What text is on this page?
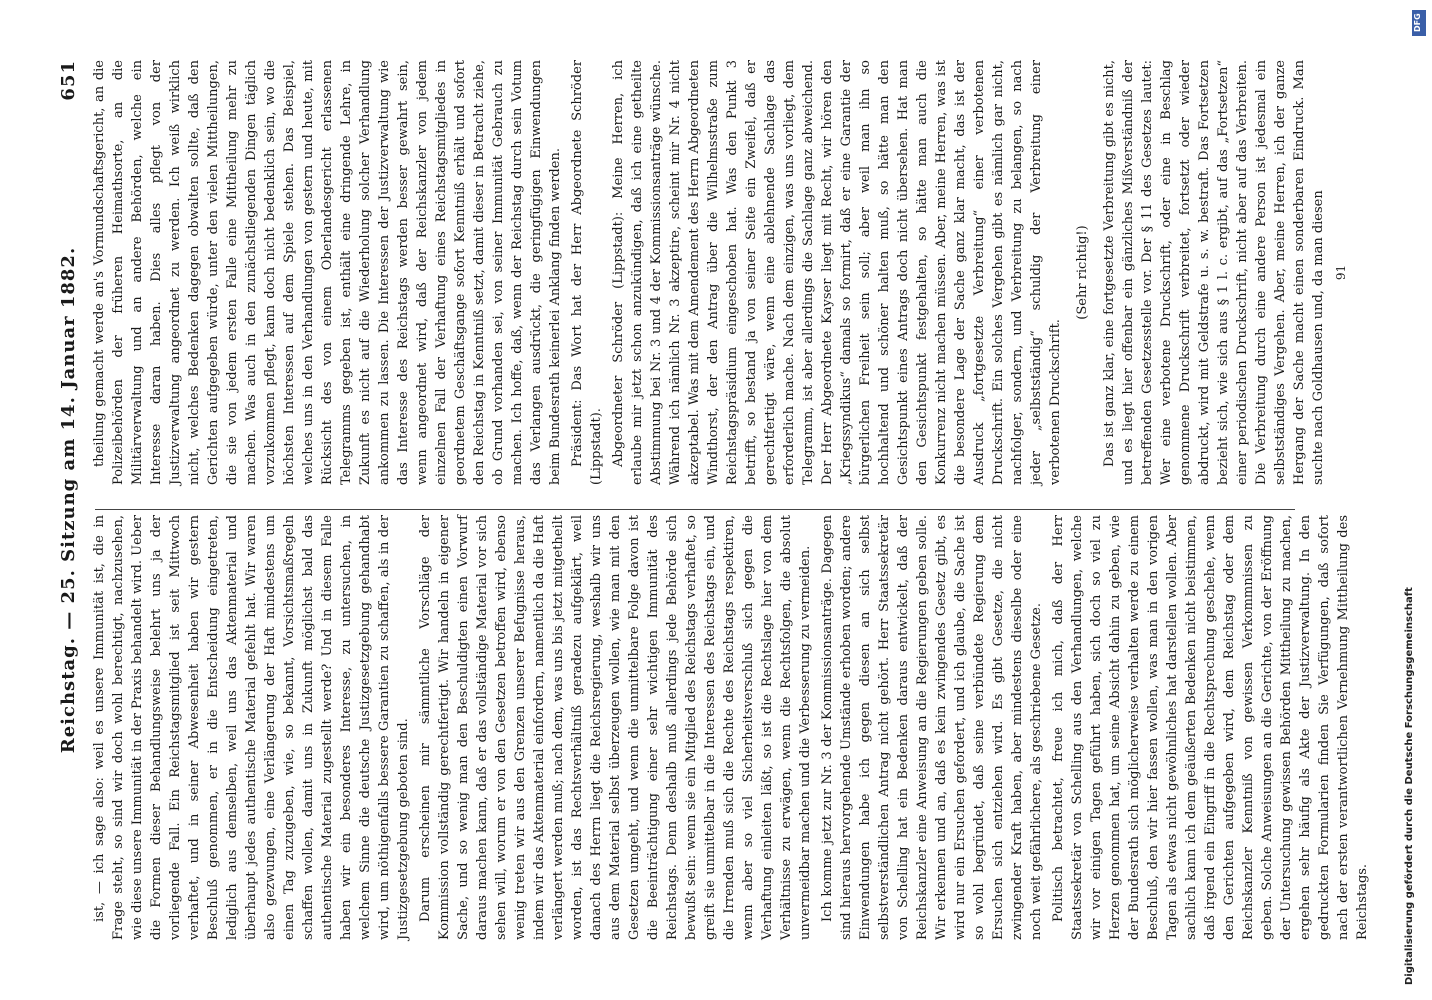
Reichstag. — 25. Sitzung am 14. Januar 1882.
651

ist, — ich sage also: weil es unsere Immunität ist, die in Frage steht, so sind wir doch wohl berechtigt, nachzusehen, wie diese unsere Immunität in der Praxis behandelt wird. Ueber die Formen dieser Behandlungsweise belehrt uns ja der vorliegende Fall. Ein Reichstagsmitglied ist seit Mittwoch verhaftet, und in seiner Abwesenheit haben wir gestern Beschluß genommen, er in die Entscheidung eingetreten, lediglich aus demselben, weil uns das Aktenmaterial und überhaupt jedes authentische Material gefehlt hat. Wir waren also gezwungen, eine Verlängerung der Haft mindestens um einen Tag zuzugeben, wie, so bekannt, Vorsichtsmaßregeln schaffen wollen, damit uns in Zukunft möglichst bald das authentische Material zugestellt werde? Und in diesem Falle haben wir ein besonderes Interesse, zu untersuchen, in welchem Sinne die deutsche Justizgesetzgebung gehandhabt wird, um nöthigenfalls bessere Garantien zu schaffen, als in der Justizgesetzgebung geboten sind. Darum erscheinen mir sämmtliche Vorschläge der Kommission vollständig gerechtfertigt. Wir handeln in eigener Sache, und so wenig man den Beschuldigten einen Vorwurf daraus machen kann, daß er das vollständige Material vor sich sehen will, worum er von den Gesetzen betroffen wird, ebenso wenig treten wir aus den Grenzen unserer Befugnisse heraus, indem wir das Aktenmaterial einfordern, namentlich da die Haft verlängert werden muß; nach dem, was uns bis jetzt mitgetheilt worden, ist das Rechtsverhältniß geradezu aufgeklärt, weil danach des Herrn liegt die Reichsregierung, weshalb wir uns aus dem Material selbst überzeugen wollen, wie man mit den Gesetzen umgeht, und wenn die unmittelbare Folge davon ist die Beeinträchtigung einer sehr wichtigen Immunität des Reichstags. Denn deshalb muß allerdings jede Behörde sich bewußt sein: wenn sie ein Mitglied des Reichstags verhaftet, so greift sie unmittelbar in die Interessen des Reichstags ein, und die Irrenden muß sich die Rechte des Reichstags respektiren, wenn aber so viel Sicherheitsverschluß sich gegen die Verhaftung einleiten läßt, so ist die Rechtslage hier von dem Verhältnisse zu erwägen, wenn die Rechtsfolgen, die absolut unvermeidbar machen und die Verbesserung zu vermeiden. Ich komme jetzt zur Nr. 3 der Kommissionsanträge. Dagegen sind hieraus hervorgehende Umstände erhoben worden; andere Einwendungen habe ich gegen diesen an sich selbst selbstverständlichen Antrag nicht gehört. Herr Staatssekretär von Schelling hat ein Bedenken daraus entwickelt, daß der Reichskanzler eine Anweisung an die Regierungen geben solle. Wir erkennen und an, daß es kein zwingendes Gesetz gibt, es wird nur ein Ersuchen gefordert, und ich glaube, die Sache ist so wohl begründet, daß seine verbündete Regierung dem Ersuchen sich entziehen wird. Es gibt Gesetze, die nicht zwingender Kraft haben, aber mindestens dieselbe oder eine noch weit gefährlichere, als geschriebene Gesetze. Politisch betrachtet, freue ich mich, daß der Herr Staatssekretär von Schelling aus den Verhandlungen, welche wir vor einigen Tagen geführt haben, sich doch so viel zu Herzen genommen hat, um seine Absicht dahin zu geben, wie der Bundesrath sich möglicherweise verhalten werde zu einem Beschluß, den wir hier fassen wollen, was man in den vorigen Tagen als etwas nicht gewöhnliches hat darstellen wollen. Aber sachlich kann ich dem geäußerten Bedenken nicht beistimmen, daß irgend ein Eingriff in die Rechtsprechung geschehe, wenn den Gerichten aufgegeben wird, dem Reichstag oder dem Reichskanzler Kenntniß von gewissen Verkommnissen zu geben. Solche Anweisungen an die Gerichte, von der Eröffnung der Untersuchung gewissen Behörden Mittheilung zu machen, ergehen sehr häufig als Akte der Justizverwaltung. In den gedruckten Formularien finden Sie Verfügungen, daß sofort nach der ersten verantwortlichen Vernehmung Mittheilung des Reichstags.

theilung gemacht werde an's Vormundschaftsgericht, an die Polizeibehörden der früheren Heimathsorte, an die Militärverwaltung und an andere Behörden, welche ein Interesse daran haben. Dies alles pflegt von der Justizverwaltung angeordnet zu werden. Ich weiß wirklich nicht, welches Bedenken dagegen obwalten sollte, daß den Gerichten aufgegeben würde, unter den vielen Mittheilungen, die sie von jedem ersten Falle eine Mittheilung mehr zu machen. Was auch in den zunächstliegenden Dingen täglich vorzukommen pflegt, kann doch nicht bedenklich sein, wo die höchsten Interessen auf dem Spiele stehen. Das Beispiel, welches uns in den Verhandlungen von gestern und heute, mit Rücksicht des von einem Oberlandesgericht erlassenen Telegramms gegeben ist, enthält eine dringende Lehre, in Zukunft es nicht auf die Wiederholung solcher Verhandlung ankommen zu lassen. Die Interessen der Justizverwaltung wie das Interesse des Reichstags werden besser gewahrt sein, wenn angeordnet wird, daß der Reichskanzler von jedem einzelnen Fall der Verhaftung eines Reichstagsmitgliedes in geordnetem Geschäftsgange sofort Kenntniß erhält und sofort den Reichstag in Kenntniß setzt, damit dieser in Betracht ziehe, ob Grund vorhanden sei, von seiner Immunität Gebrauch zu machen. Ich hoffe, daß, wenn der Reichstag durch sein Votum das Verlangen ausdrückt, die geringfügigen Einwendungen beim Bundesrath keinerlei Anklang finden werden. Präsident: Das Wort hat der Herr Abgeordnete Schröder (Lippstadt). Abgeordneter Schröder (Lippstadt): Meine Herren, ich erlaube mir jetzt schon anzukündigen, daß ich eine getheilte Abstimmung bei Nr. 3 und 4 der Kommissionsanträge wünsche. Während ich nämlich Nr. 3 akzeptire, scheint mir Nr. 4 nicht akzeptabel. Was mit dem Amendement des Herrn Abgeordneten Windthorst, der den Antrag über die Wilhelmsstraße zum Reichstagspräsidium eingeschoben hat. Was den Punkt 3 betrifft, so bestand ja von seiner Seite ein Zweifel, daß er gerechtfertigt wäre, wenn eine ablehnende Sachlage das erforderlich mache. Nach dem einzigen, was uns vorliegt, dem Telegramm, ist aber allerdings die Sachlage ganz abweichend. Der Herr Abgeordnete Kayser liegt mit Recht, wir hören den „Kriegssyndikus“ damals so formirt, daß er eine Garantie der bürgerlichen Freiheit sein soll; aber weil man ihn so hochhaltend und schöner halten muß, so hätte man den Gesichtspunkt eines Antrags doch nicht übersehen. Hat man den Gesichtspunkt festgehalten, so hätte man auch die Konkurrenz nicht machen müssen. Aber, meine Herren, was ist die besondere Lage der Sache ganz klar macht, das ist der Ausdruck „fortgesetzte Verbreitung“ einer verbotenen Druckschrift. Ein solches Vergehen gibt es nämlich gar nicht, nachfolger, sondern, und Verbreitung zu belangen, so nach jeder „selbstständig“ schuldig der Verbreitung einer verbotenen Druckschrift.

(Sehr richtig!) Das ist ganz klar, eine fortgesetzte Verbreitung gibt es nicht, und es liegt hier offenbar ein gänzliches Mißverständniß der betreffenden Gesetzesstelle vor. Der § 11 des Gesetzes lautet: Wer eine verbotene Druckschrift, oder eine in Beschlag genommene Druckschrift verbreitet, fortsetzt oder wieder abdruckt, wird mit Geldstrafe u. s. w. bestraft. Das Fortsetzen bezieht sich, wie sich aus § 1 l. c. ergibt, auf das „Fortsetzen“ einer periodischen Druckschrift, nicht aber auf das Verbreiten. Die Verbreitung durch eine andere Person ist jedesmal ein selbstständiges Vergehen. Aber, meine Herren, ich der ganze Hergang der Sache macht einen sonderbaren Eindruck. Man suchte nach Goldhausen und, da man diesen 91
Digitalisierung gefördert durch die Deutsche Forschungsgemeinschaft
DFG
